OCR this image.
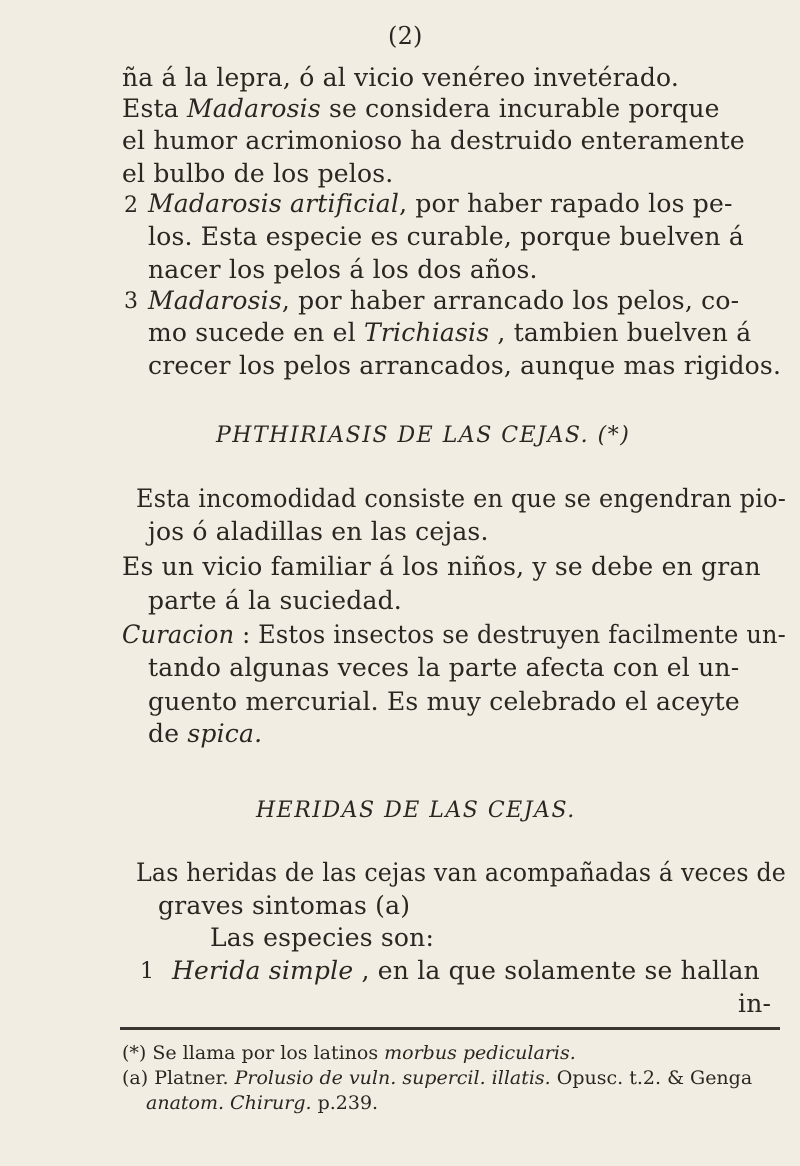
(2)
ña á la lepra, ó al vicio venéreo invetérado.
Esta Madarosis se considera incurable porque
el humor acrimonioso ha destruido enteramente
el bulbo de los pelos.
2 Madarosis artificial, por haber rapado los pe-
los. Esta especie es curable, porque buelven á
nacer los pelos á los dos años.
3 Madarosis, por haber arrancado los pelos, co-
mo sucede en el Trichiasis , tambien buelven á
crecer los pelos arrancados, aunque mas rigidos.
PHTHIRIASIS DE LAS CEJAS. (*)
Esta incomodidad consiste en que se engendran pio-
jos ó aladillas en las cejas.
Es un vicio familiar á los niños, y se debe en gran
parte á la suciedad.
Curacion : Estos insectos se destruyen facilmente un-
tando algunas veces la parte afecta con el un-
guento mercurial. Es muy celebrado el aceyte
de spica.
HERIDAS DE LAS CEJAS.
Las heridas de las cejas van acompañadas á veces de
graves sintomas (a)
Las especies son:
1 Herida simple , en la que solamente se hallan
in-
(*) Se llama por los latinos morbus pedicularis.
(a) Platner. Prolusio de vuln. supercil. illatis. Opusc. t.2. & Genga
anatom. Chirurg. p.239.
